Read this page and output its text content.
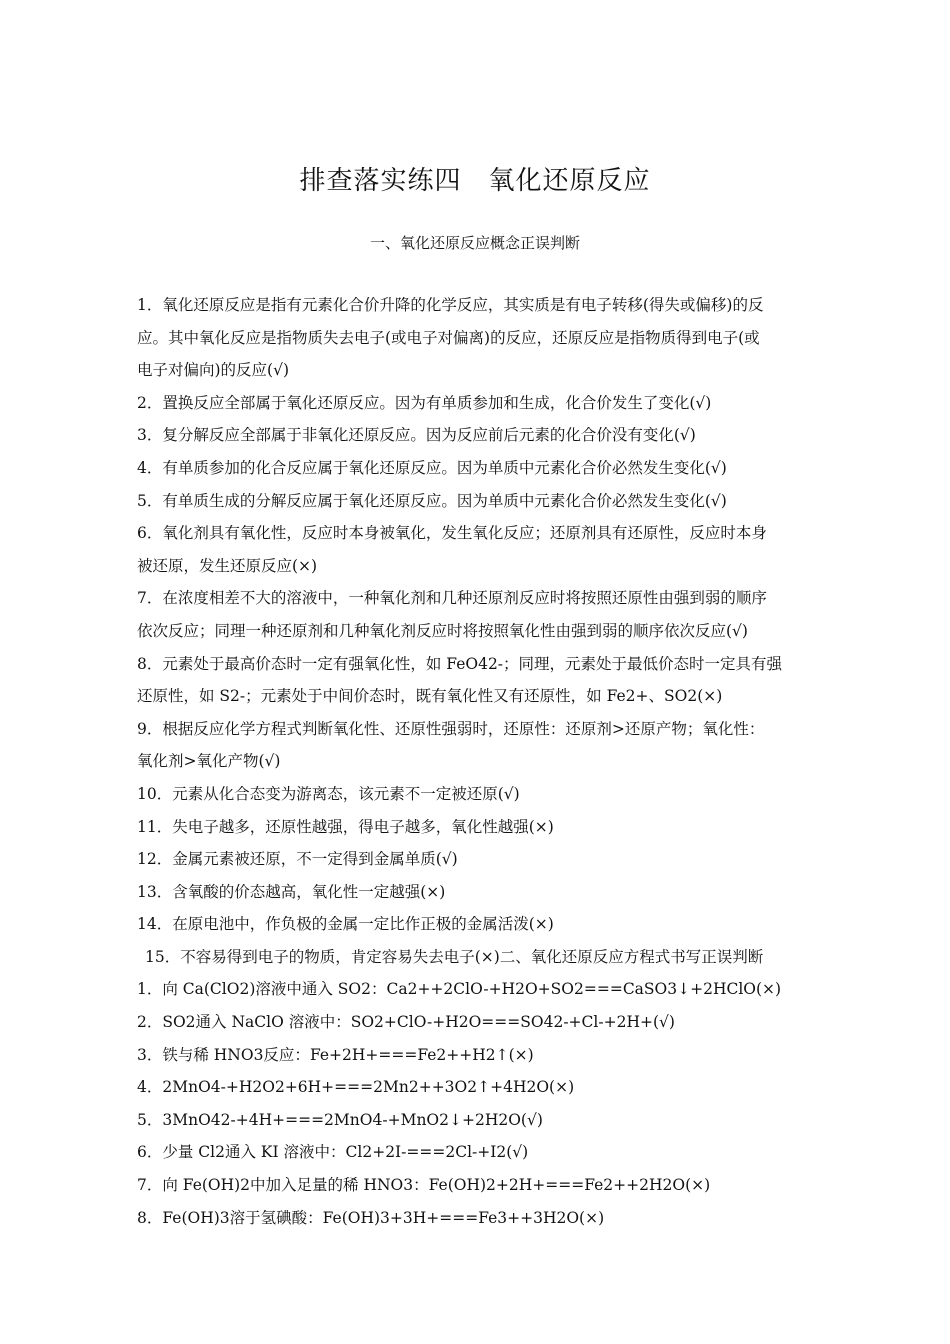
排查落实练四　氧化还原反应
一、氧化还原反应概念正误判断
1．氧化还原反应是指有元素化合价升降的化学反应，其实质是有电子转移(得失或偏移)的反
应。其中氧化反应是指物质失去电子(或电子对偏离)的反应，还原反应是指物质得到电子(或
电子对偏向)的反应(√)
2．置换反应全部属于氧化还原反应。因为有单质参加和生成，化合价发生了变化(√)
3．复分解反应全部属于非氧化还原反应。因为反应前后元素的化合价没有变化(√)
4．有单质参加的化合反应属于氧化还原反应。因为单质中元素化合价必然发生变化(√)
5．有单质生成的分解反应属于氧化还原反应。因为单质中元素化合价必然发生变化(√)
6．氧化剂具有氧化性，反应时本身被氧化，发生氧化反应；还原剂具有还原性，反应时本身
被还原，发生还原反应(×)
7．在浓度相差不大的溶液中，一种氧化剂和几种还原剂反应时将按照还原性由强到弱的顺序
依次反应；同理一种还原剂和几种氧化剂反应时将按照氧化性由强到弱的顺序依次反应(√)
8．元素处于最高价态时一定有强氧化性，如 FeO42-；同理，元素处于最低价态时一定具有强
还原性，如 S2-；元素处于中间价态时，既有氧化性又有还原性，如 Fe2+、SO2(×)
9．根据反应化学方程式判断氧化性、还原性强弱时，还原性：还原剂>还原产物；氧化性：
氧化剂>氧化产物(√)
10．元素从化合态变为游离态，该元素不一定被还原(√)
11．失电子越多，还原性越强，得电子越多，氧化性越强(×)
12．金属元素被还原，不一定得到金属单质(√)
13．含氧酸的价态越高，氧化性一定越强(×)
14．在原电池中，作负极的金属一定比作正极的金属活泼(×)
15．不容易得到电子的物质，肯定容易失去电子(×)二、氧化还原反应方程式书写正误判断
1．向 Ca(ClO2)溶液中通入 SO2：Ca2++2ClO-+H2O+SO2===CaSO3↓+2HClO(×)
2．SO2通入 NaClO 溶液中：SO2+ClO-+H2O===SO42-+Cl-+2H+(√)
3．铁与稀 HNO3反应：Fe+2H+===Fe2++H2↑(×)
4．2MnO4-+H2O2+6H+===2Mn2++3O2↑+4H2O(×)
5．3MnO42-+4H+===2MnO4-+MnO2↓+2H2O(√)
6．少量 Cl2通入 KI 溶液中：Cl2+2I-===2Cl-+I2(√)
7．向 Fe(OH)2中加入足量的稀 HNO3：Fe(OH)2+2H+===Fe2++2H2O(×)
8．Fe(OH)3溶于氢碘酸：Fe(OH)3+3H+===Fe3++3H2O(×)
